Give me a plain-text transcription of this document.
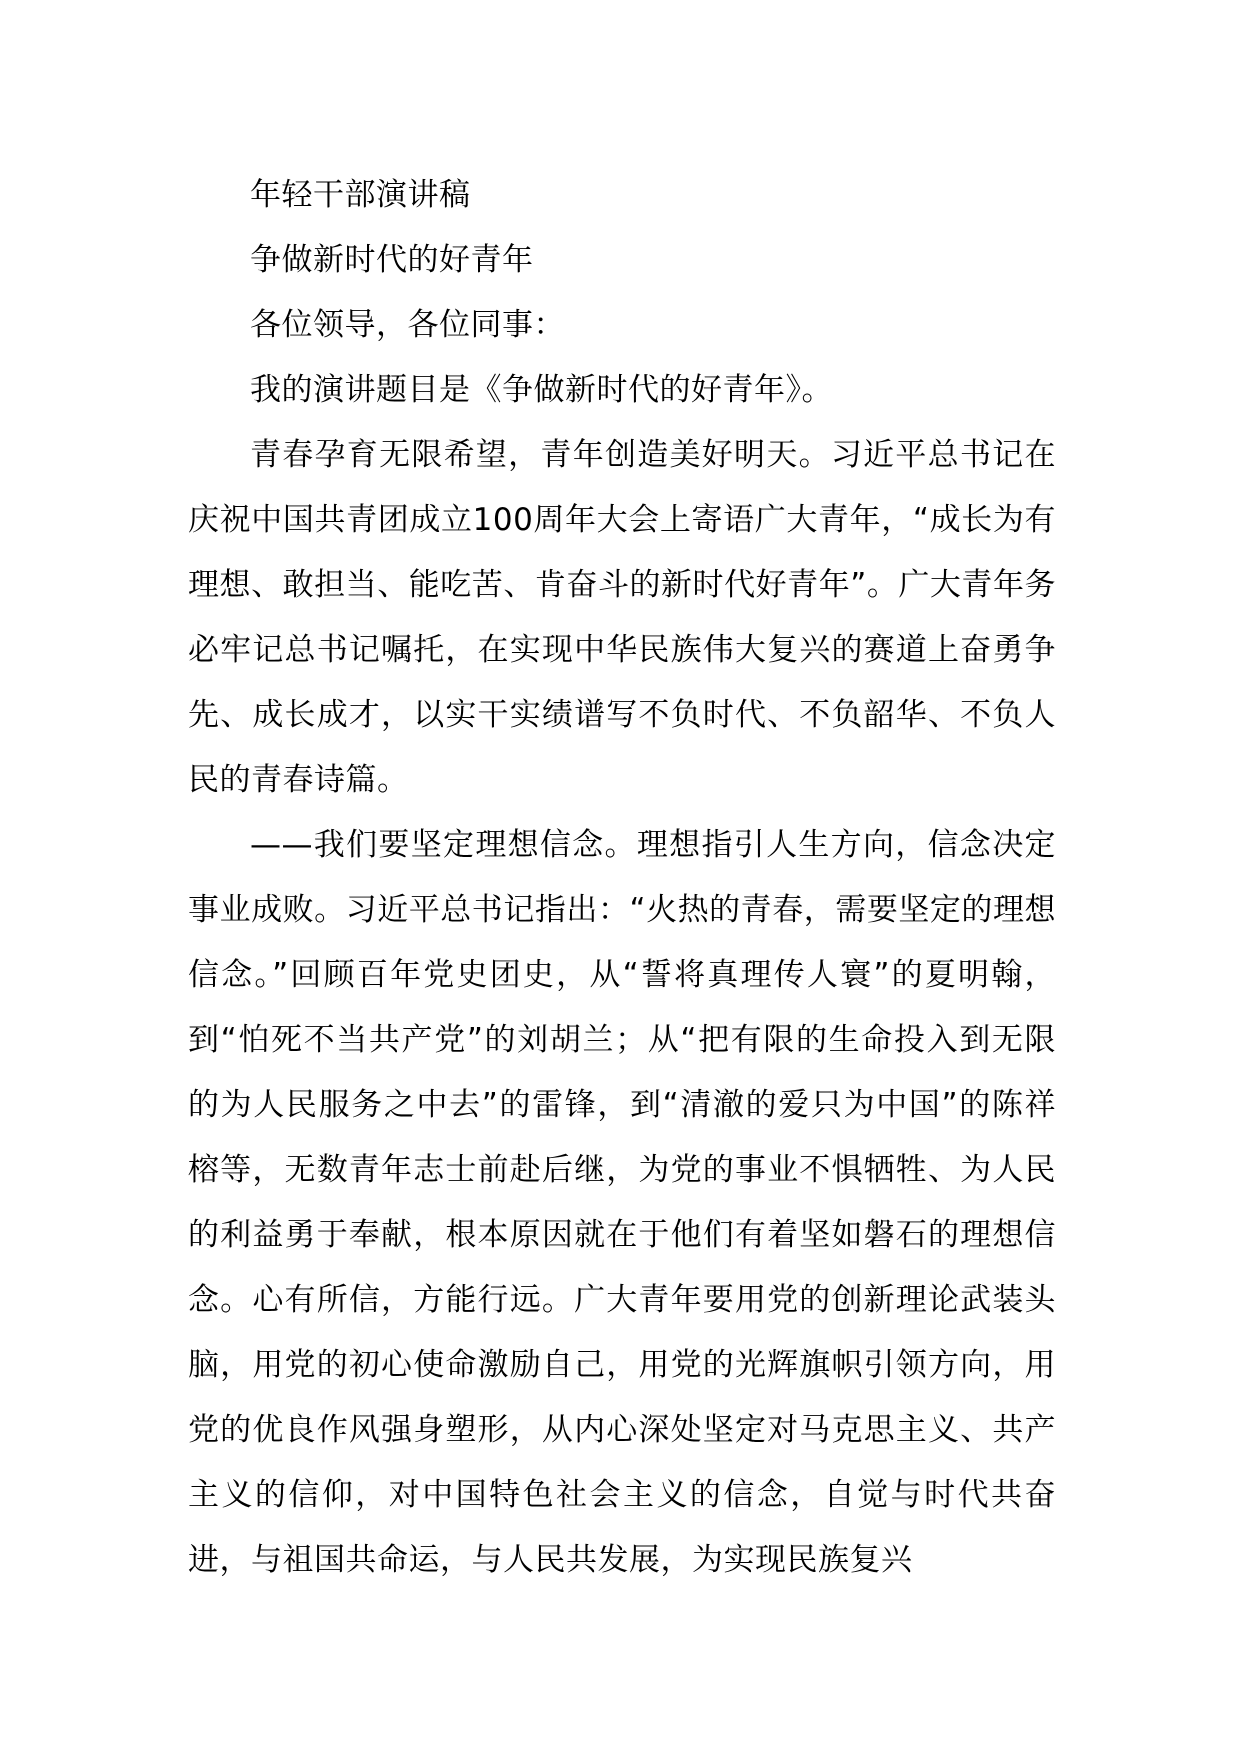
年轻干部演讲稿

争做新时代的好青年

各位领导，各位同事：

我的演讲题目是《争做新时代的好青年》。

青春孕育无限希望，青年创造美好明天。习近平总书记在庆祝中国共青团成立100周年大会上寄语广大青年，“成长为有理想、敢担当、能吃苦、肯奋斗的新时代好青年”。广大青年务必牢记总书记嘱托，在实现中华民族伟大复兴的赛道上奋勇争先、成长成才，以实干实绩谱写不负时代、不负韶华、不负人民的青春诗篇。

——我们要坚定理想信念。理想指引人生方向，信念决定事业成败。习近平总书记指出：“火热的青春，需要坚定的理想信念。”回顾百年党史团史，从“誓将真理传人寰”的夏明翰，到“怕死不当共产党”的刘胡兰；从“把有限的生命投入到无限的为人民服务之中去”的雷锋，到“清澈的爱只为中国”的陈祥榕等，无数青年志士前赴后继，为党的事业不惧牺牲、为人民的利益勇于奉献，根本原因就在于他们有着坚如磐石的理想信念。心有所信，方能行远。广大青年要用党的创新理论武装头脑，用党的初心使命激励自己，用党的光辉旗帜引领方向，用党的优良作风强身塑形，从内心深处坚定对马克思主义、共产主义的信仰，对中国特色社会主义的信念，自觉与时代共奋进，与祖国共命运，与人民共发展，为实现民族复兴
